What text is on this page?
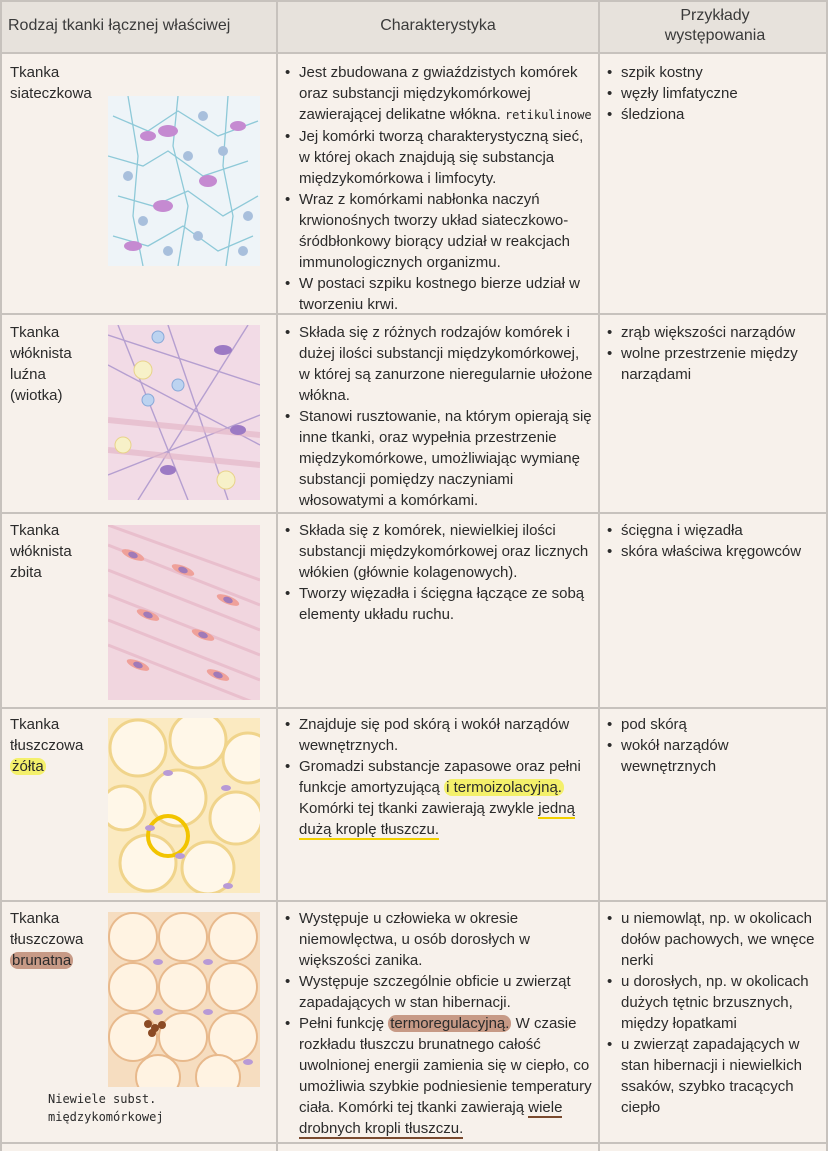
Rodzaj tkanki łącznej właściwej	Charakterystyka
Przykłady występowania
Tkanka siateczkowa
• Jest zbudowana z gwiaździstych komórek oraz substancji międzykomórkowej zawierającej delikatne włókna. retikulinowe
• Jej komórki tworzą charakterystyczną sieć, w której okach znajdują się substancja międzykomórkowa i limfocyty.
• Wraz z komórkami nabłonka naczyń krwionośnych tworzy układ siateczkowo-śródbłonkowy biorący udział w reakcjach immunologicznych organizmu.
• W postaci szpiku kostnego bierze udział w tworzeniu krwi.
• szpik kostny
• węzły limfatyczne
• śledziona
Tkanka włóknista luźna (wiotka)
• Składa się z różnych rodzajów komórek i dużej ilości substancji międzykomórkowej, w której są zanurzone nieregularnie ułożone włókna.
• Stanowi rusztowanie, na którym opierają się inne tkanki, oraz wypełnia przestrzenie międzykomórkowe, umożliwiając wymianę substancji pomiędzy naczyniami włosowatymi a komórkami.
• zrąb większości narządów
• wolne przestrzenie między narządami
Tkanka włóknista zbita
• Składa się z komórek, niewielkiej ilości substancji międzykomórkowej oraz licznych włókien (głównie kolagenowych).
• Tworzy więzadła i ścięgna łączące ze sobą elementy układu ruchu.
• ścięgna i więzadła
• skóra właściwa kręgowców
Tkanka
tłuszczowa
żółta
• Znajduje się pod skórą i wokół narządów wewnętrznych.
• Gromadzi substancje zapasowe oraz pełni funkcje amortyzującą i termoizolacyjną. Komórki tej tkanki zawierają zwykle jedną dużą kroplę tłuszczu.
• pod skórą
• wokół narządów wewnętrznych
Tkanka
tłuszczowa
brunatna
• Występuje u człowieka w okresie niemowlęctwa, u osób dorosłych w większości zanika.
• Występuje szczególnie obficie u zwierząt zapadających w stan hibernacji.
• Pełni funkcję termoregulacyjną. W czasie rozkładu tłuszczu brunatnego całość uwolnionej energii zamienia się w ciepło, co umożliwia szybkie podniesienie temperatury ciała. Komórki tej tkanki zawierają wiele drobnych kropli tłuszczu.
• u niemowląt, np. w okolicach dołów pachowych, we wnęce nerki
• u dorosłych, np. w okolicach dużych tętnic brzusznych, między łopatkami
• u zwierząt zapadających w stan hibernacji i niewielkich ssaków, szybko tracących ciepło
Niewiele subst.
międzykomórkowej
